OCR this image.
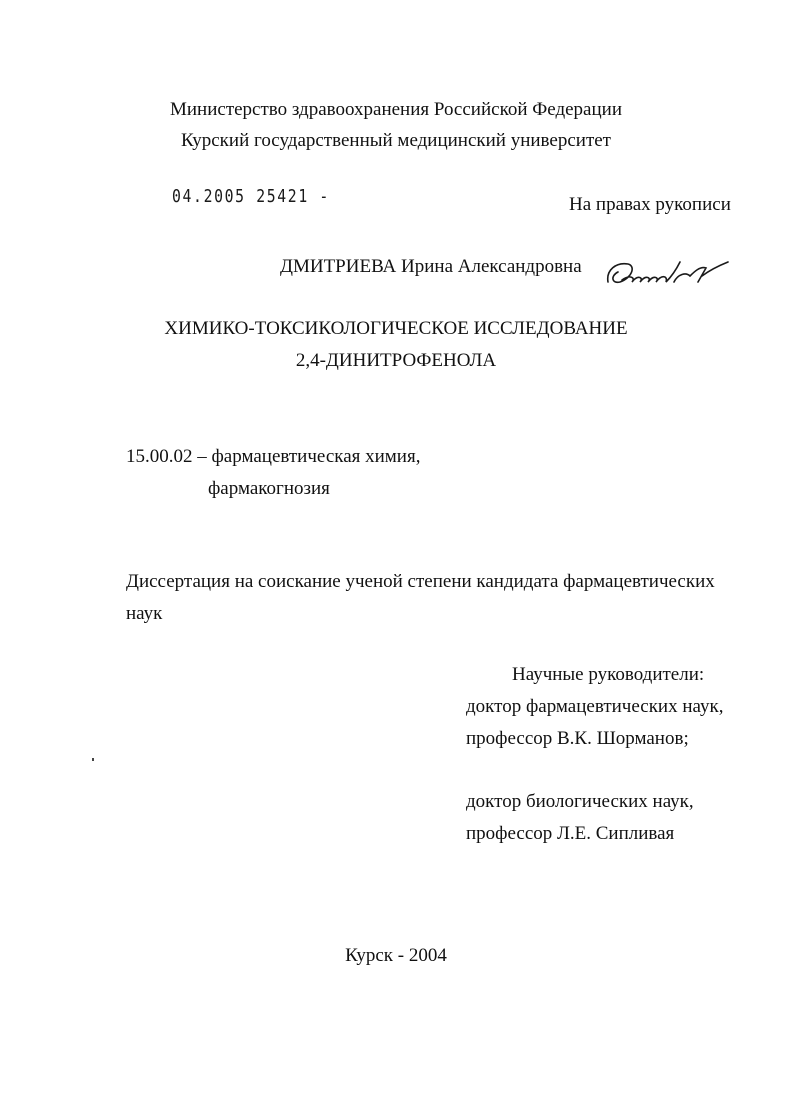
Министерство здравоохранения Российской Федерации
Курский государственный медицинский университет
04.2005 25421 -	На правах рукописи
ДМИТРИЕВА Ирина Александровна
ХИМИКО-ТОКСИКОЛОГИЧЕСКОЕ ИССЛЕДОВАНИЕ
2,4-ДИНИТРОФЕНОЛА
15.00.02 – фармацевтическая химия,
фармакогнозия
Диссертация на соискание ученой степени кандидата фармацевтических
наук
Научные руководители:
доктор фармацевтических наук,
профессор В.К. Шорманов;
доктор биологических наук,
профессор Л.Е. Сипливая
Курск - 2004
